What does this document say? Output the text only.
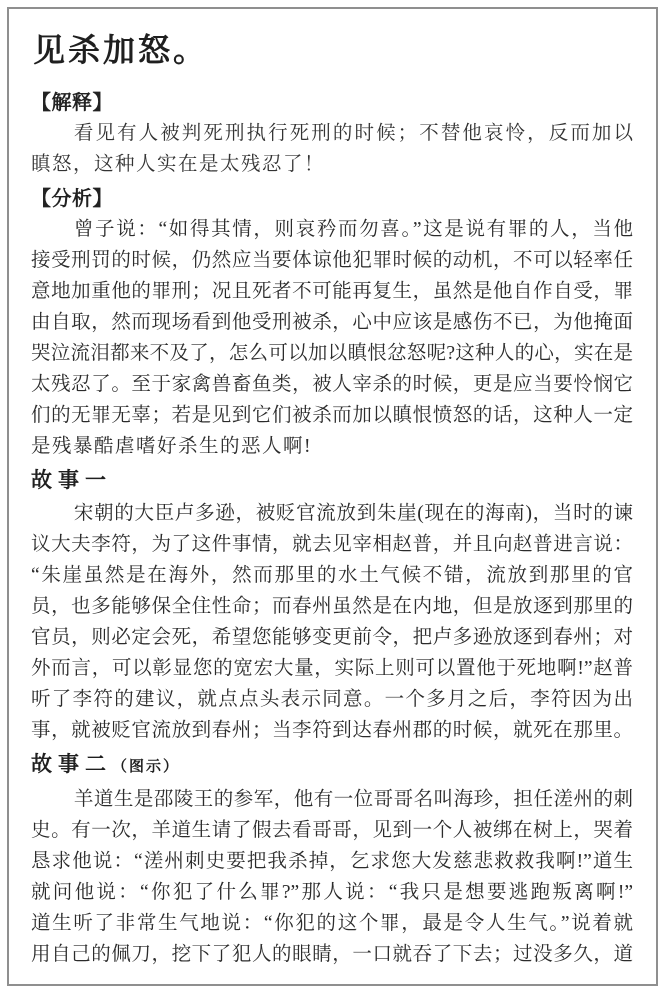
见杀加怒。
【解释】
看见有人被判死刑执行死刑的时候；不替他哀怜，反而加以
瞋怒，这种人实在是太残忍了！
【分析】
曾子说：“如得其情，则哀矜而勿喜。”这是说有罪的人，当他
接受刑罚的时候，仍然应当要体谅他犯罪时候的动机，不可以轻率任
意地加重他的罪刑；况且死者不可能再复生，虽然是他自作自受，罪
由自取，然而现场看到他受刑被杀，心中应该是感伤不已，为他掩面
哭泣流泪都来不及了，怎么可以加以瞋恨忿怒呢?这种人的心，实在是
太残忍了。至于家禽兽畜鱼类，被人宰杀的时候，更是应当要怜悯它
们的无罪无辜；若是见到它们被杀而加以瞋恨愤怒的话，这种人一定
是残暴酷虐嗜好杀生的恶人啊!
故事一
宋朝的大臣卢多逊，被贬官流放到朱崖(现在的海南)，当时的谏
议大夫李符，为了这件事情，就去见宰相赵普，并且向赵普进言说：
“朱崖虽然是在海外，然而那里的水土气候不错，流放到那里的官
员，也多能够保全住性命；而春州虽然是在内地，但是放逐到那里的
官员，则必定会死，希望您能够变更前令，把卢多逊放逐到春州；对
外而言，可以彰显您的宽宏大量，实际上则可以置他于死地啊!”赵普
听了李符的建议，就点点头表示同意。一个多月之后，李符因为出
事，就被贬官流放到春州；当李符到达春州郡的时候，就死在那里。
故事二（图示）
羊道生是邵陵王的参军，他有一位哥哥名叫海珍，担任溠州的刺
史。有一次，羊道生请了假去看哥哥，见到一个人被绑在树上，哭着
恳求他说：“溠州刺史要把我杀掉，乞求您大发慈悲救救我啊!”道生
就问他说：“你犯了什么罪?”那人说：“我只是想要逃跑叛离啊!”
道生听了非常生气地说：“你犯的这个罪，最是令人生气。”说着就
用自己的佩刀，挖下了犯人的眼睛，一口就吞了下去；过没多久，道
